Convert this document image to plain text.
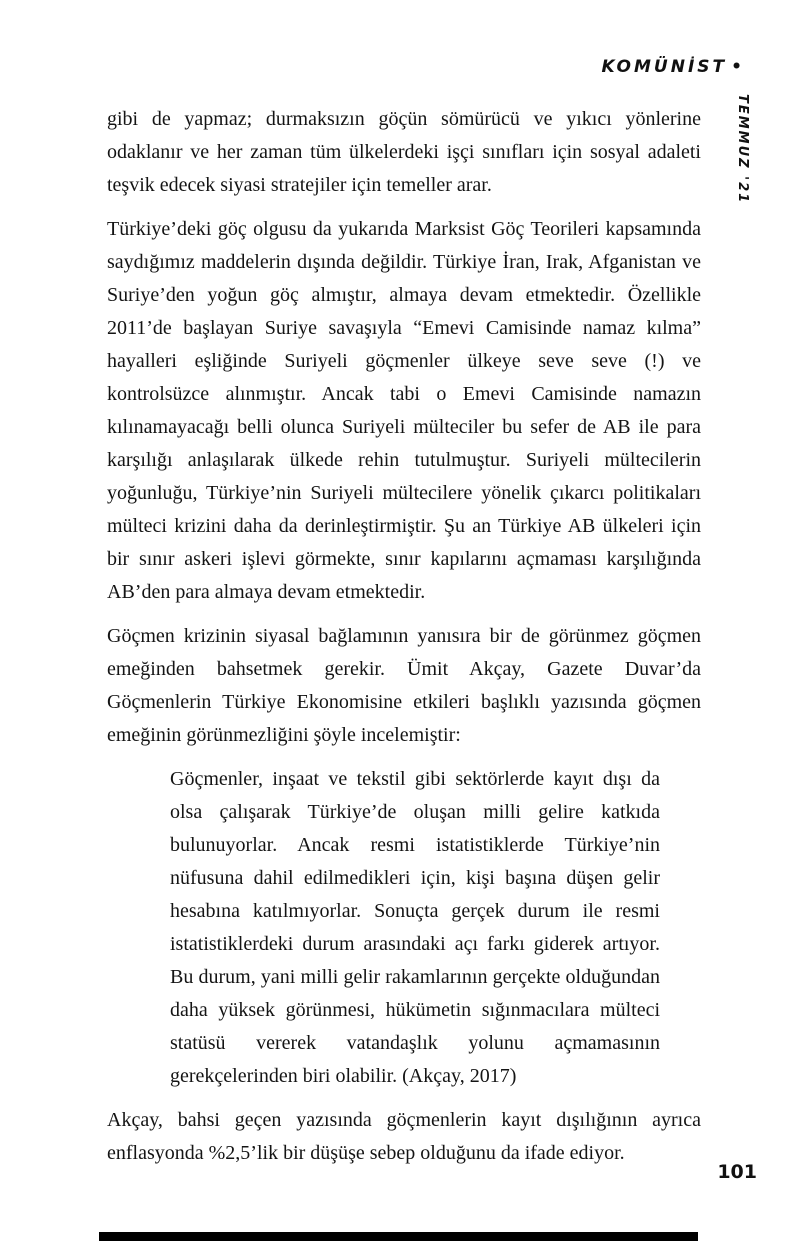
KOMÜNİST •
TEMMUZ '21

gibi de yapmaz; durmaksızın göçün sömürücü ve yıkıcı yönlerine odaklanır ve her zaman tüm ülkelerdeki işçi sınıfları için sosyal adaleti teşvik edecek siyasi stratejiler için temeller arar.

Türkiye’deki göç olgusu da yukarıda Marksist Göç Teorileri kapsamında saydığımız maddelerin dışında değildir. Türkiye İran, Irak, Afganistan ve Suriye’den yoğun göç almıştır, almaya devam etmektedir. Özellikle 2011’de başlayan Suriye savaşıyla “Emevi Camisinde namaz kılma” hayalleri eşliğinde Suriyeli göçmenler ülkeye seve seve (!) ve kontrolsüzce alınmıştır. Ancak tabi o Emevi Camisinde namazın kılınamayacağı belli olunca Suriyeli mülteciler bu sefer de AB ile para karşılığı anlaşılarak ülkede rehin tutulmuştur. Suriyeli mültecilerin yoğunluğu, Türkiye’nin Suriyeli mültecilere yönelik çıkarcı politikaları mülteci krizini daha da derinleştirmiştir. Şu an Türkiye AB ülkeleri için bir sınır askeri işlevi görmekte, sınır kapılarını açmaması karşılığında AB’den para almaya devam etmektedir.

Göçmen krizinin siyasal bağlamının yanısıra bir de görünmez göçmen emeğinden bahsetmek gerekir. Ümit Akçay, Gazete Duvar’da Göçmenlerin Türkiye Ekonomisine etkileri başlıklı yazısında göçmen emeğinin görünmezliğini şöyle incelemiştir:

Göçmenler, inşaat ve tekstil gibi sektörlerde kayıt dışı da olsa çalışarak Türkiye’de oluşan milli gelire katkıda bulunuyorlar. Ancak resmi istatistiklerde Türkiye’nin nüfusuna dahil edilmedikleri için, kişi başına düşen gelir hesabına katılmıyorlar. Sonuçta gerçek durum ile resmi istatistiklerdeki durum arasındaki açı farkı giderek artıyor. Bu durum, yani milli gelir rakamlarının gerçekte olduğundan daha yüksek görünmesi, hükümetin sığınmacılara mülteci statüsü vererek vatandaşlık yolunu açmamasının gerekçelerinden biri olabilir. (Akçay, 2017)

Akçay, bahsi geçen yazısında göçmenlerin kayıt dışılığının ayrıca enflasyonda %2,5’lik bir düşüşe sebep olduğunu da ifade ediyor.

101
